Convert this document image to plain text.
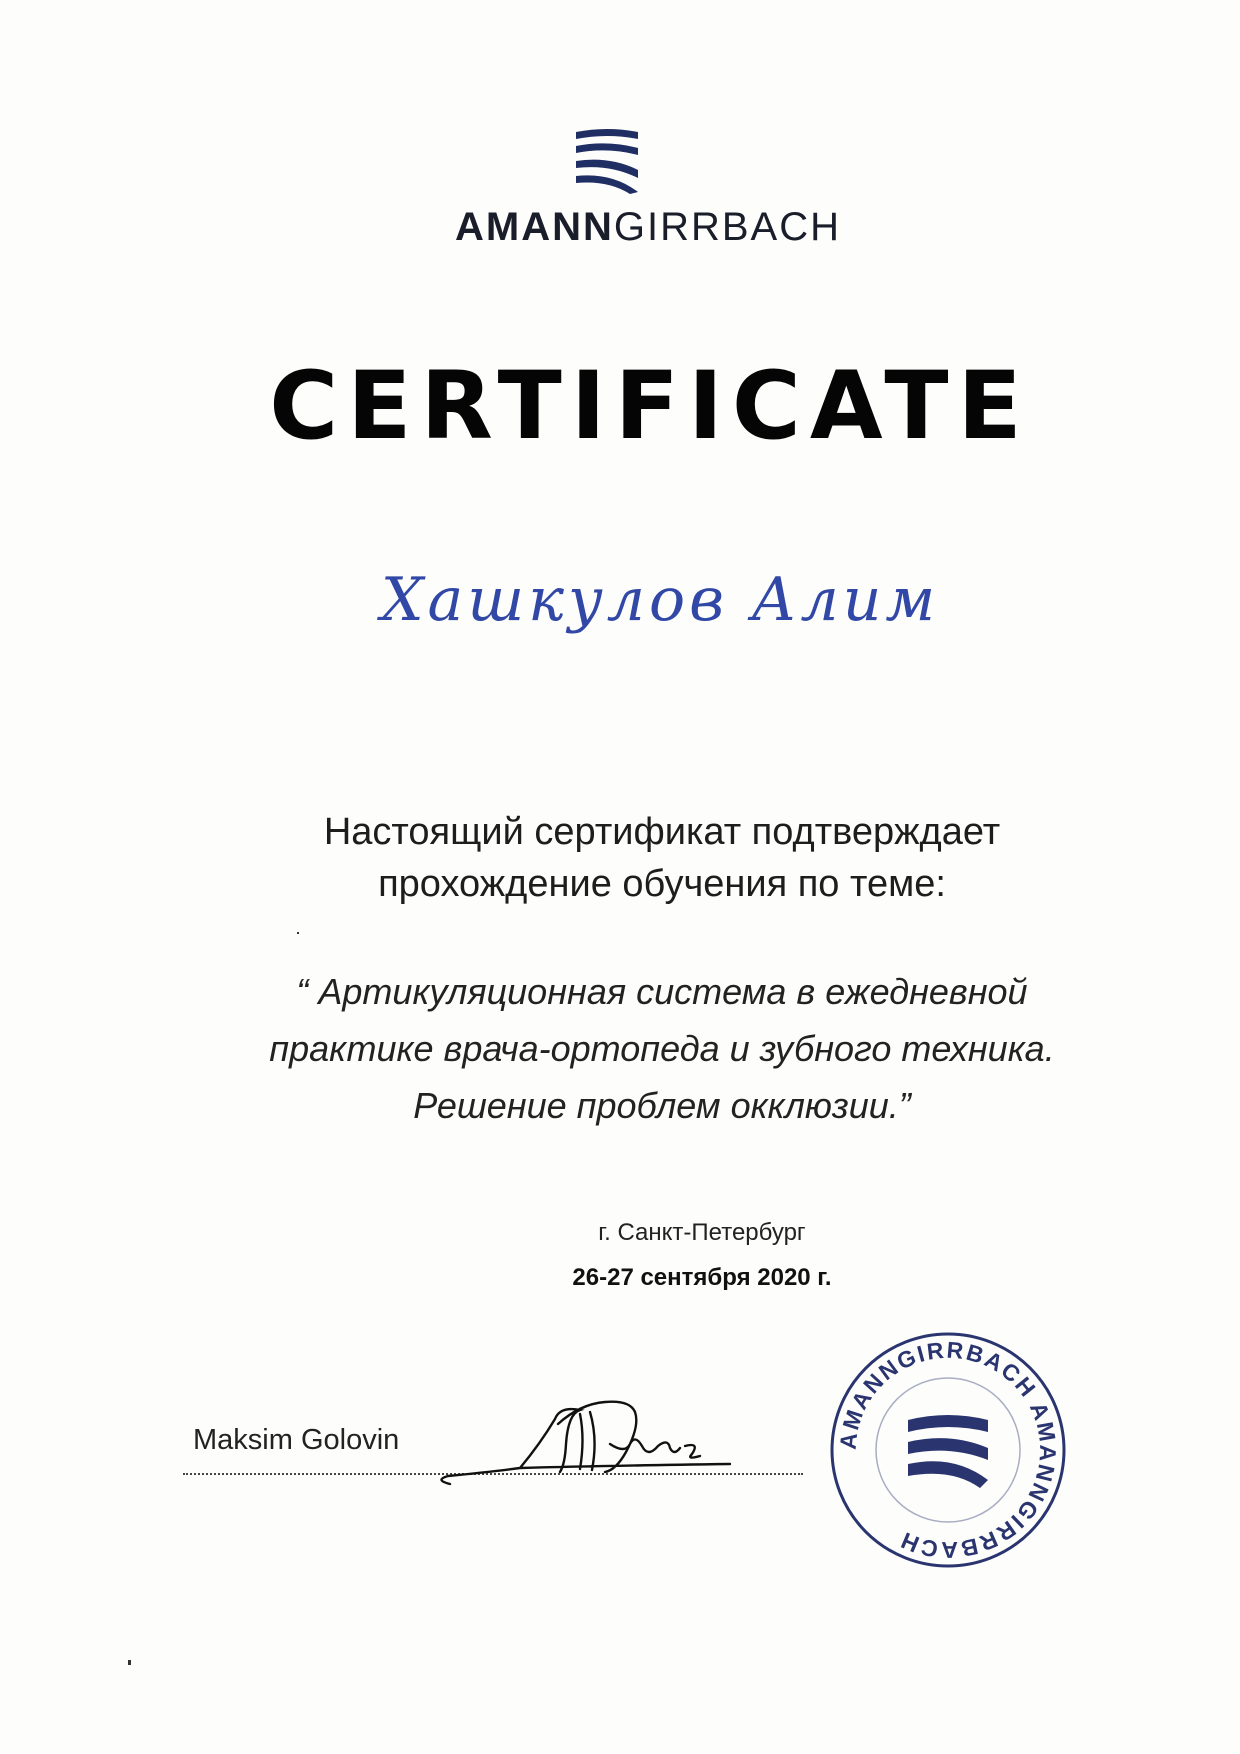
AMANNGIRRBACH
CERTIFICATE
Хашкулов Алим
Настоящий сертификат подтверждает
прохождение обучения по теме:
“ Артикуляционная система в ежедневной
практике врача-ортопеда и зубного техника.
Решение проблем окклюзии.”
г. Санкт-Петербург
26-27 сентября 2020 г.
Maksim Golovin	AMANNGIRRBACH AMANNGIRRBACH
